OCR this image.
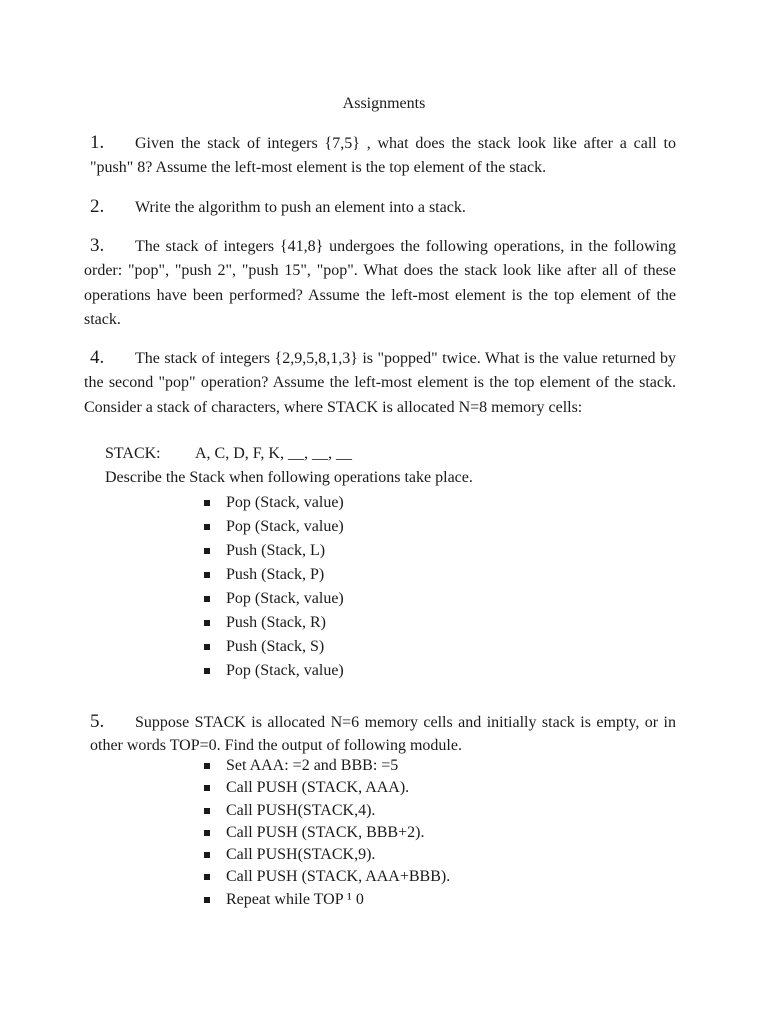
Assignments
1. Given the stack of integers {7,5} , what does the stack look like after a call to "push" 8? Assume the left-most element is the top element of the stack.
2. Write the algorithm to push an element into a stack.
3. The stack of integers {41,8} undergoes the following operations, in the following order: "pop", "push 2", "push 15", "pop". What does the stack look like after all of these operations have been performed? Assume the left-most element is the top element of the stack.
4. The stack of integers {2,9,5,8,1,3} is "popped" twice. What is the value returned by the second "pop" operation? Assume the left-most element is the top element of the stack. Consider a stack of characters, where STACK is allocated N=8 memory cells:
STACK: A, C, D, F, K, __, __, __
Describe the Stack when following operations take place.
Pop (Stack, value)
Pop (Stack, value)
Push (Stack, L)
Push (Stack, P)
Pop (Stack, value)
Push (Stack, R)
Push (Stack, S)
Pop (Stack, value)
5. Suppose STACK is allocated N=6 memory cells and initially stack is empty, or in other words TOP=0. Find the output of following module.
Set AAA: =2 and BBB: =5
Call PUSH (STACK, AAA).
Call PUSH(STACK,4).
Call PUSH (STACK, BBB+2).
Call PUSH(STACK,9).
Call PUSH (STACK, AAA+BBB).
Repeat while TOP ¹ 0
